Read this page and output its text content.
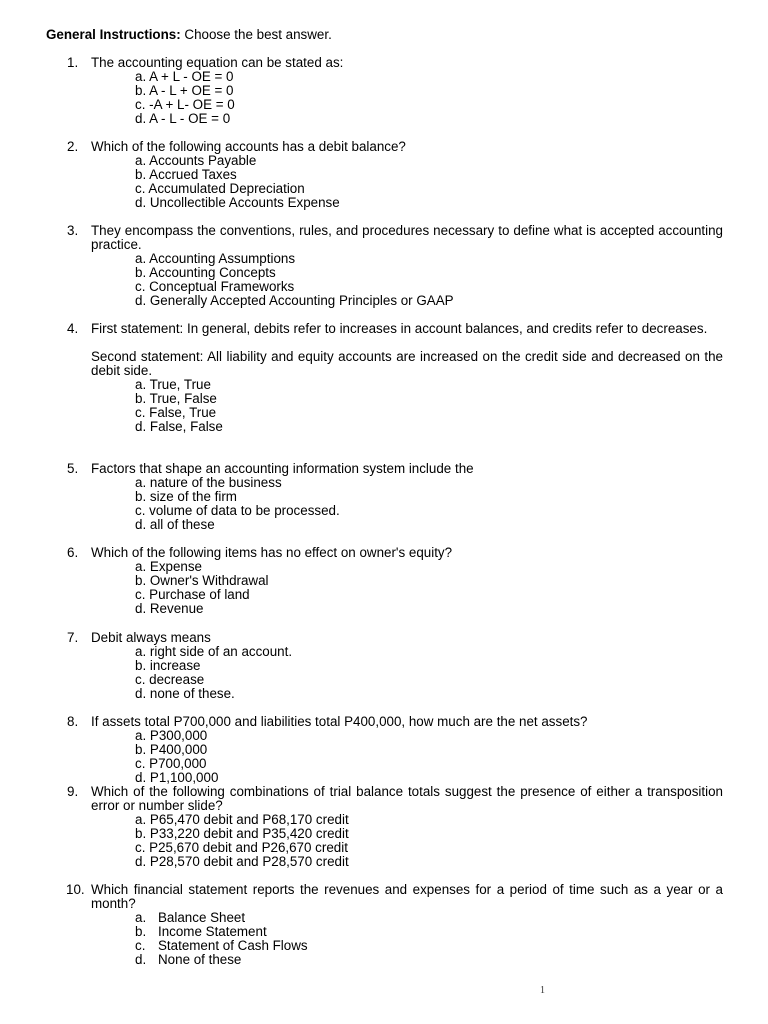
General Instructions: Choose the best answer.
1. The accounting equation can be stated as:

a. A + L - OE = 0
b. A - L + OE = 0
c. -A + L- OE = 0
d. A - L - OE = 0
2. Which of the following accounts has a debit balance?

a. Accounts Payable
b. Accrued Taxes
c. Accumulated Depreciation
d. Uncollectible Accounts Expense
3. They encompass the conventions, rules, and procedures necessary to define what is accepted accounting practice.

a. Accounting Assumptions
b. Accounting Concepts
c. Conceptual Frameworks
d. Generally Accepted Accounting Principles or GAAP
4. First statement: In general, debits refer to increases in account balances, and credits refer to decreases.

Second statement: All liability and equity accounts are increased on the credit side and decreased on the debit side.

a. True, True
b. True, False
c. False, True
d. False, False
5. Factors that shape an accounting information system include the

a. nature of the business
b. size of the firm
c. volume of data to be processed.
d. all of these
6. Which of the following items has no effect on owner's equity?

a. Expense
b. Owner's Withdrawal
c. Purchase of land
d. Revenue
7. Debit always means

a. right side of an account.
b. increase
c. decrease
d. none of these.
8. If assets total P700,000 and liabilities total P400,000, how much are the net assets?

a. P300,000
b. P400,000
c. P700,000
d. P1,100,000
9. Which of the following combinations of trial balance totals suggest the presence of either a transposition error or number slide?

a. P65,470 debit and P68,170 credit
b. P33,220 debit and P35,420 credit
c. P25,670 debit and P26,670 credit
d. P28,570 debit and P28,570 credit
10. Which financial statement reports the revenues and expenses for a period of time such as a year or a month?

a. Balance Sheet
b. Income Statement
c. Statement of Cash Flows
d. None of these
1
